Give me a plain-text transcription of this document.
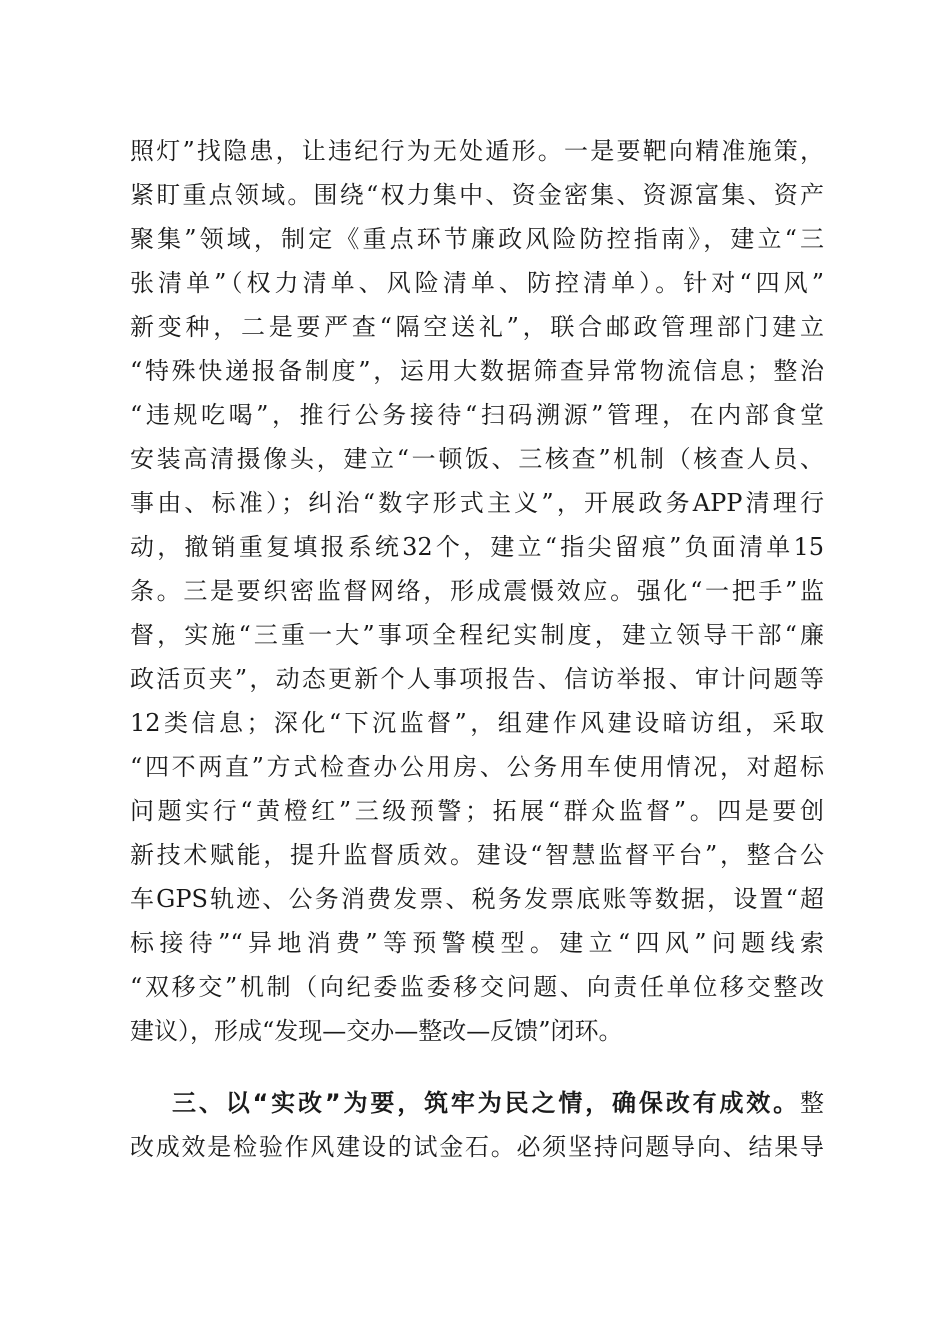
照灯”找隐患，让违纪行为无处遁形。一是要靶向精准施策，
紧盯重点领域。围绕“权力集中、资金密集、资源富集、资产
聚集”领域，制定《重点环节廉政风险防控指南》，建立“三
张清单”（权力清单、风险清单、防控清单）。针对“四风”
新变种，二是要严查“隔空送礼”，联合邮政管理部门建立
“特殊快递报备制度”，运用大数据筛查异常物流信息；整治
“违规吃喝”，推行公务接待“扫码溯源”管理，在内部食堂
安装高清摄像头，建立“一顿饭、三核查”机制（核查人员、
事由、标准）；纠治“数字形式主义”，开展政务APP清理行
动，撤销重复填报系统32个，建立“指尖留痕”负面清单15
条。三是要织密监督网络，形成震慑效应。强化“一把手”监
督，实施“三重一大”事项全程纪实制度，建立领导干部“廉
政活页夹”，动态更新个人事项报告、信访举报、审计问题等
12类信息；深化“下沉监督”，组建作风建设暗访组，采取
“四不两直”方式检查办公用房、公务用车使用情况，对超标
问题实行“黄橙红”三级预警；拓展“群众监督”。四是要创
新技术赋能，提升监督质效。建设“智慧监督平台”，整合公
车GPS轨迹、公务消费发票、税务发票底账等数据，设置“超
标接待”“异地消费”等预警模型。建立“四风”问题线索
“双移交”机制（向纪委监委移交问题、向责任单位移交整改
建议），形成“发现—交办—整改—反馈”闭环。
三、以“实改”为要，筑牢为民之情，确保改有成效。整
改成效是检验作风建设的试金石。必须坚持问题导向、结果导
